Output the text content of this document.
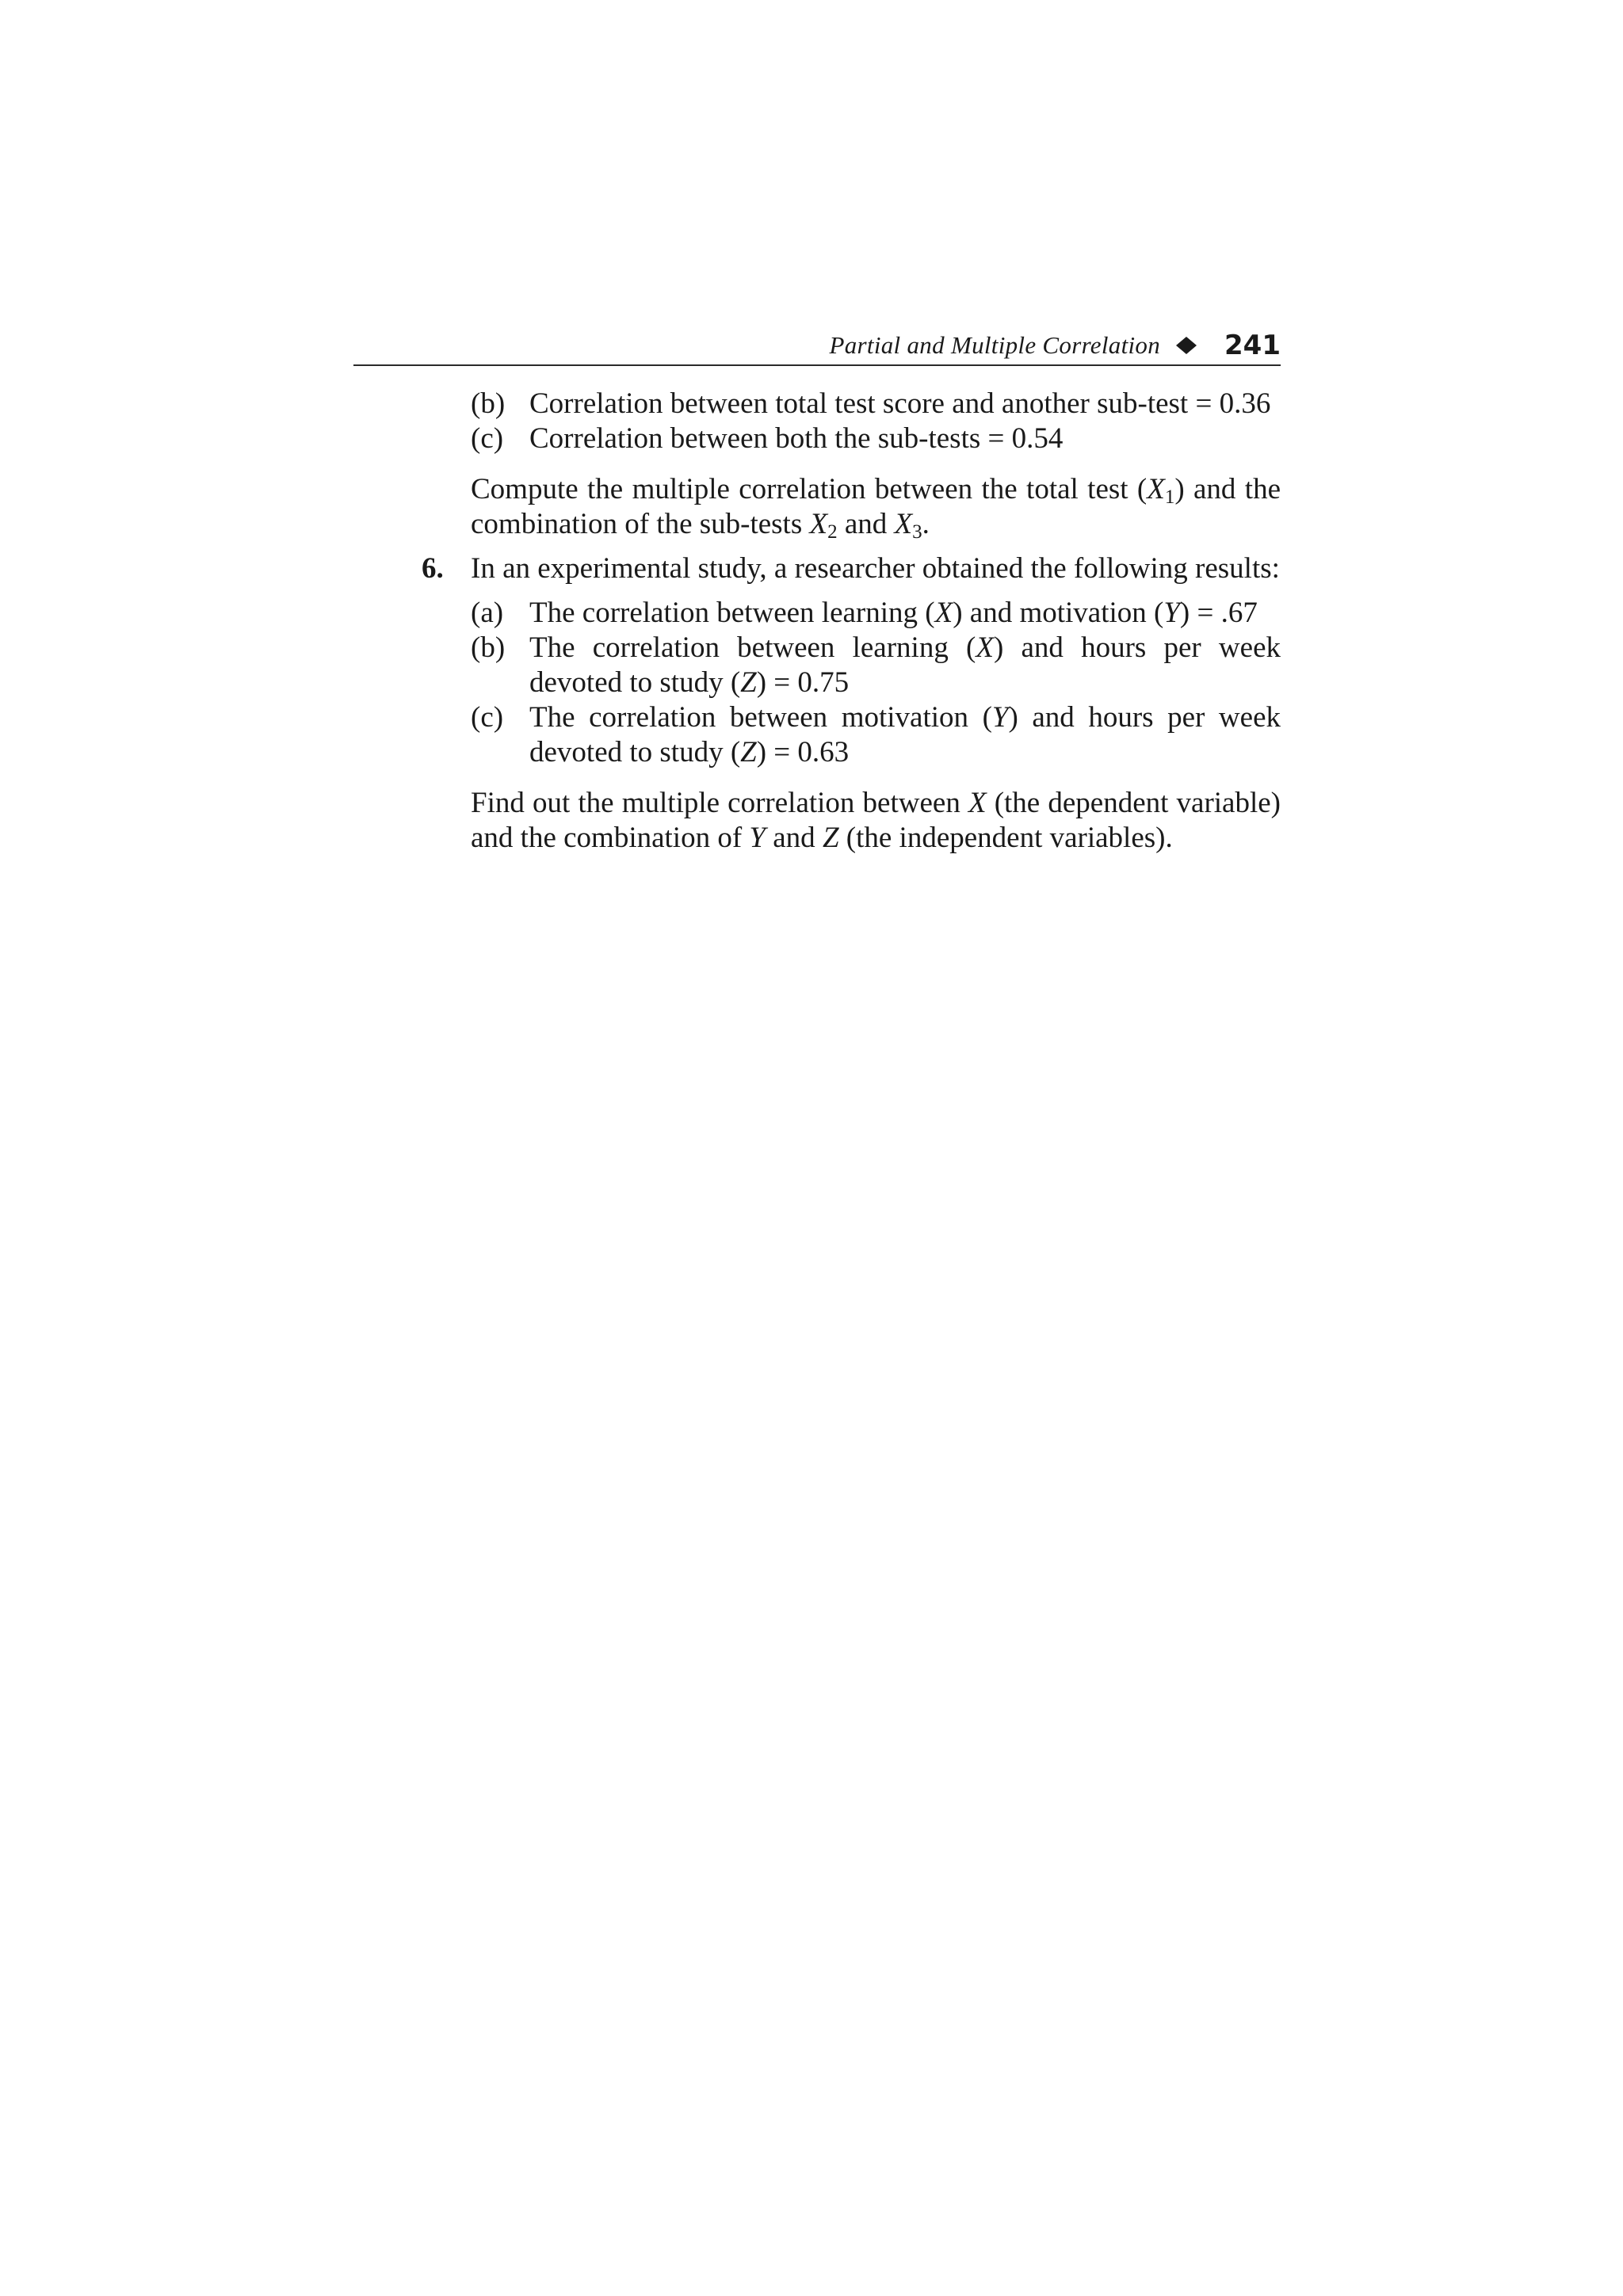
Partial and Multiple Correlation 241

(b) Correlation between total test score and another sub-test = 0.36

(c) Correlation between both the sub-tests = 0.54

Compute the multiple correlation between the total test $(X_1)$ and the combination of the sub-tests $X_2$ and $X_3$.

6. In an experimental study, a researcher obtained the following results:

(a) The correlation between learning (X) and motivation (Y) = .67

(b) The correlation between learning (X) and hours per week devoted to study (Z) = 0.75

(c) The correlation between motivation (Y) and hours per week devoted to study (Z) = 0.63

Find out the multiple correlation between X (the dependent variable) and the combination of Y and Z (the independent variables).
